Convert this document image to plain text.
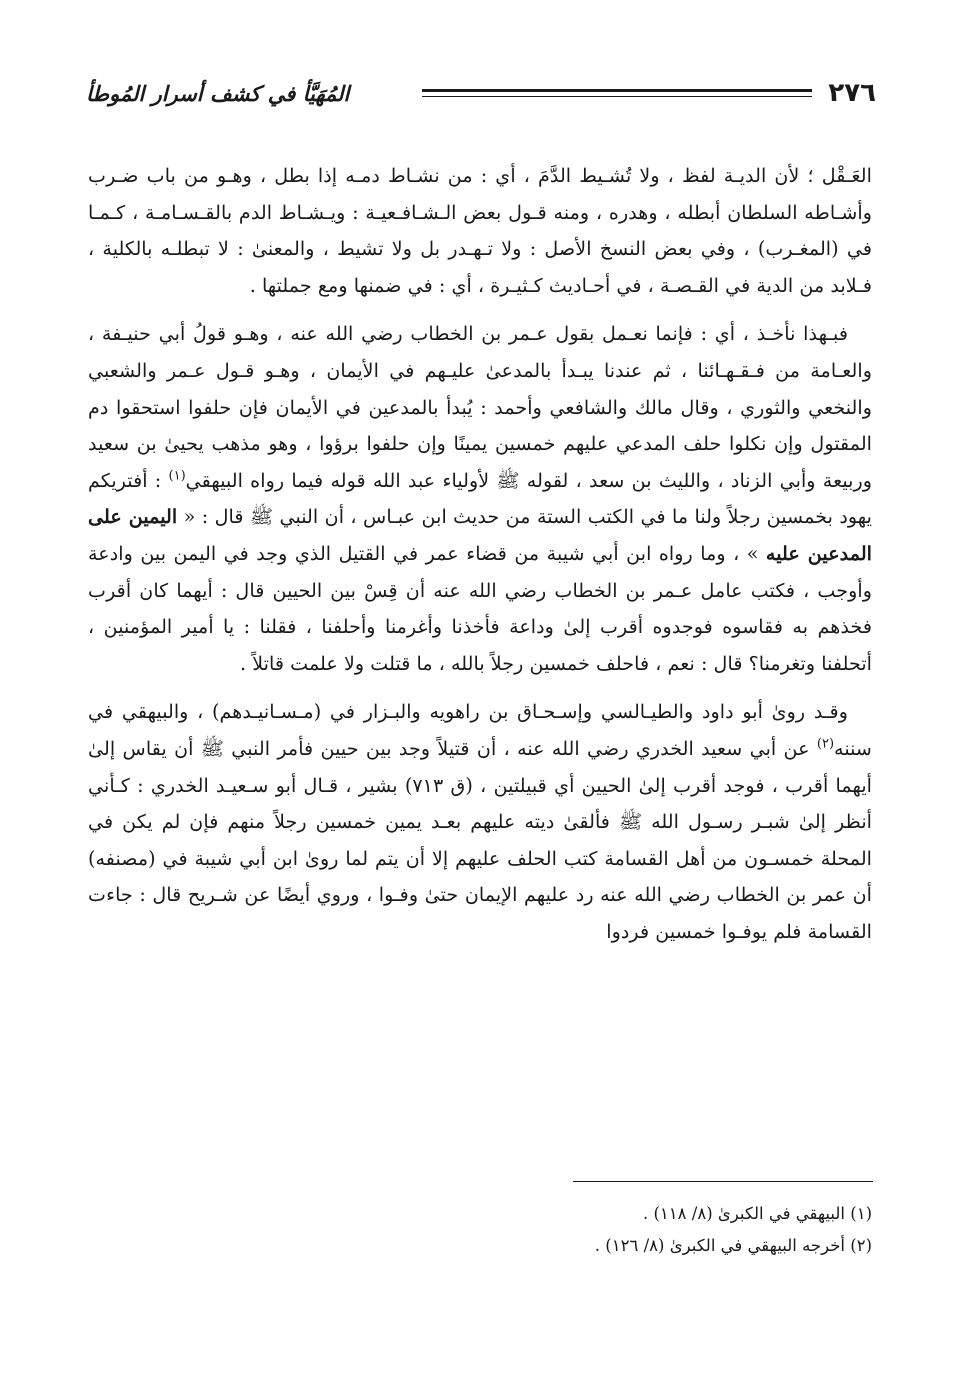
٢٧٦
المُهَيَّأ في كشف أسرار المُوطأ

العَـقْل ؛ لأن الديـة لفظ ، ولا تُشـيط الدَّمَ ، أي : من نشـاط دمـه إذا بطل ، وهـو من باب ضـرب وأشـاطه السلطان أبطله ، وهدره ، ومنه قـول بعض الـشـافـعيـة : ويـشـاط الدم بالقـسـامـة ، كـمـا في (المغـرب) ، وفي بعض النسخ الأصل : ولا تـهـدر بل ولا تشيط ، والمعنىٰ : لا تبطلـه بالكلية ، فـلابد من الدية في القـصـة ، في أحـاديث كـثيـرة ، أي : في ضمنها ومع جملتها .

فبـهذا نأخـذ ، أي : فإنما نعـمل بقول عـمر بن الخطاب رضي الله عنه ، وهـو قولُ أبي حنيـفة ، والعـامة من فـقـهـائنا ، ثم عندنا يبـدأ بالمدعىٰ عليـهم في الأيمان ، وهـو قـول عـمر والشعبي والنخعي والثوري ، وقال مالك والشافعي وأحمد : يُبدأ بالمدعين في الأيمان فإن حلفوا استحقوا دم المقتول وإن نكلوا حلف المدعي عليهم خمسين يمينًا وإن حلفوا برؤوا ، وهو مذهب يحيىٰ بن سعيد وربيعة وأبي الزناد ، والليث بن سعد ، لقوله ﷺ لأولياء عبد الله قوله فيما رواه البيهقي$^{(١)}$ : أفتريكم يهود بخمسين رجلاً ولنا ما في الكتب الستة من حديث ابن عبـاس ، أن النبي ﷺ قال : « اليمين على المدعين عليه » ، وما رواه ابن أبي شيبة من قضاء عمر في القتيل الذي وجد في اليمن بين وادعة وأوجب ، فكتب عامل عـمر بن الخطاب رضي الله عنه أن قِسْ بين الحيين قال : أيهما كان أقرب فخذهم به فقاسوه فوجدوه أقرب إلىٰ وداعة فأخذنا وأغرمنا وأحلفنا ، فقلنا : يا أمير المؤمنين ، أتحلفنا وتغرمنا؟ قال : نعم ، فاحلف خمسين رجلاً بالله ، ما قتلت ولا علمت قاتلاً .

وقـد روىٰ أبو داود والطيـالسي وإسـحـاق بن راهويه والبـزار في (مـسـانيـدهم) ، والبيهقي في سننه$^{(٢)}$ عن أبي سعيد الخدري رضي الله عنه ، أن قتيلاً وجد بين حيين فأمر النبي ﷺ أن يقاس إلىٰ أيهما أقرب ، فوجد أقرب إلىٰ الحيين أي قبيلتين ، (ق ٧١٣) بشير ، قـال أبو سـعيـد الخدري : كـأني أنظر إلىٰ شبـر رسـول الله ﷺ فألقىٰ ديته عليهم بعـد يمين خمسين رجلاً منهم فإن لم يكن في المحلة خمسـون من أهل القسامة كتب الحلف عليهم إلا أن يتم لما روىٰ ابن أبي شيبة في (مصنفه) أن عمر بن الخطاب رضي الله عنه رد عليهم الإيمان حتىٰ وفـوا ، وروي أيضًا عن شـريح قال : جاءت القسامة فلم يوفـوا خمسين فردوا

(١) البيهقي في الكبرىٰ (٨/ ١١٨) .
(٢) أخرجه البيهقي في الكبرىٰ (٨/ ١٢٦) .
